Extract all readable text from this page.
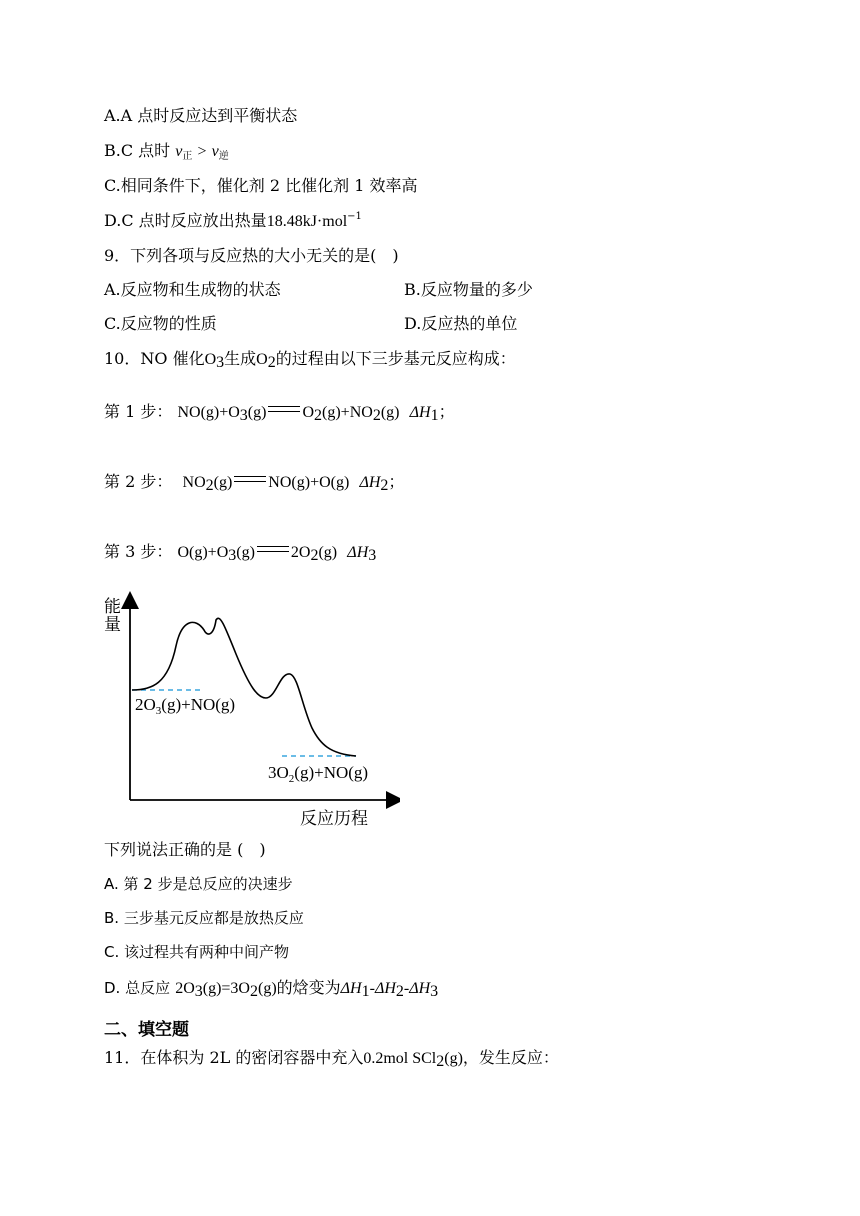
A.A 点时反应达到平衡状态
B.C 点时 $v_正 > v_逆$
C.相同条件下，催化剂 2 比催化剂 1 效率高
D.C 点时反应放出热量18.48kJ·mol$^{-1}$
9．下列各项与反应热的大小无关的是(　)
A.反应物和生成物的状态	B.反应物量的多少
C.反应物的性质	D.反应热的单位
10．NO 催化$O_3$生成$O_2$的过程由以下三步基元反应构成：
第 1 步： $NO(g)+O_3(g)$ $O_2(g)+NO_2(g)$ $\Delta H_1$；
第 2 步： $NO_2(g)$ NO(g)+O(g) $\Delta H_2$；
第 3 步： $O(g)+O_3(g)$ $2O_2(g)$ $\Delta H_3$
能
量
反应历程
$2O_3(g)+NO(g)$
$3O_2(g)+NO(g)$
下列说法正确的是 (　)
A. 第 2 步是总反应的决速步
B. 三步基元反应都是放热反应
C. 该过程共有两种中间产物
D. 总反应 $2O_3(g)=3O_2(g)$的焓变为$\Delta H_1-\Delta H_2-\Delta H_3$
二、填空题
11．在体积为 2L 的密闭容器中充入0.2mol SCl$_2$(g)，发生反应：
